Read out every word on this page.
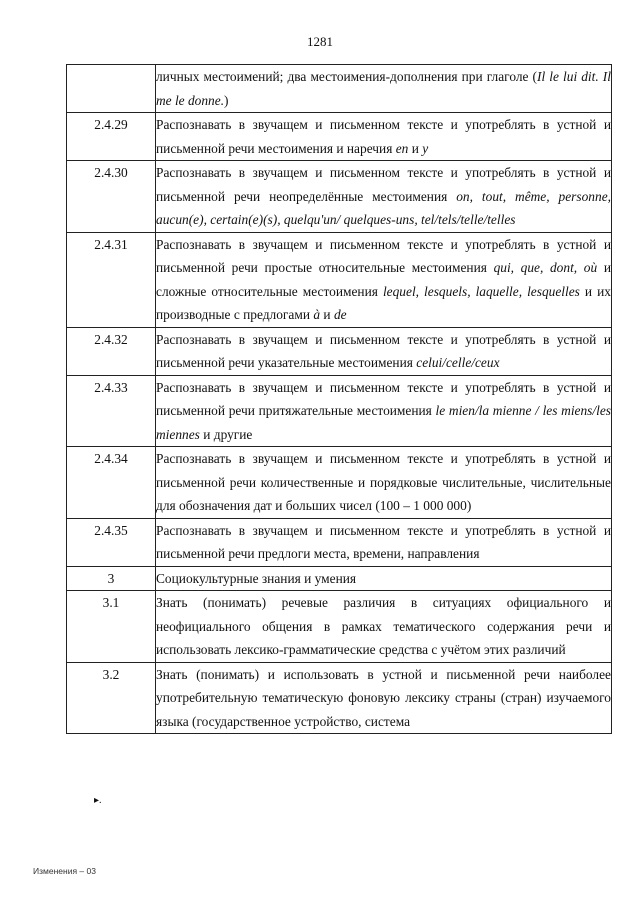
1281
	личных местоимений; два местоимения-дополнения при глаголе (Il le lui dit. Il me le donne.)
2.4.29	Распознавать в звучащем и письменном тексте и употреблять в устной и письменной речи местоимения и наречия en и y
2.4.30	Распознавать в звучащем и письменном тексте и употреблять в устной и письменной речи неопределённые местоимения on, tout, même, personne, aucun(e), certain(e)(s), quelqu'un/ quelques-uns, tel/tels/telle/telles
2.4.31	Распознавать в звучащем и письменном тексте и употреблять в устной и письменной речи простые относительные местоимения qui, que, dont, où и сложные относительные местоимения lequel, lesquels, laquelle, lesquelles и их производные с предлогами à и de
2.4.32	Распознавать в звучащем и письменном тексте и употреблять в устной и письменной речи указательные местоимения celui/celle/ceux
2.4.33	Распознавать в звучащем и письменном тексте и употреблять в устной и письменной речи притяжательные местоимения le mien/la mienne / les miens/les miennes и другие
2.4.34	Распознавать в звучащем и письменном тексте и употреблять в устной и письменной речи количественные и порядковые числительные, числительные для обозначения дат и больших чисел (100 – 1 000 000)
2.4.35	Распознавать в звучащем и письменном тексте и употреблять в устной и письменной речи предлоги места, времени, направления
3	Социокультурные знания и умения
3.1	Знать (понимать) речевые различия в ситуациях официального и неофициального общения в рамках тематического содержания речи и использовать лексико-грамматические средства с учётом этих различий
3.2	Знать (понимать) и использовать в устной и письменной речи наиболее употребительную тематическую фоновую лексику страны (стран) изучаемого языка (государственное устройство, система
▸.
Изменения – 03
